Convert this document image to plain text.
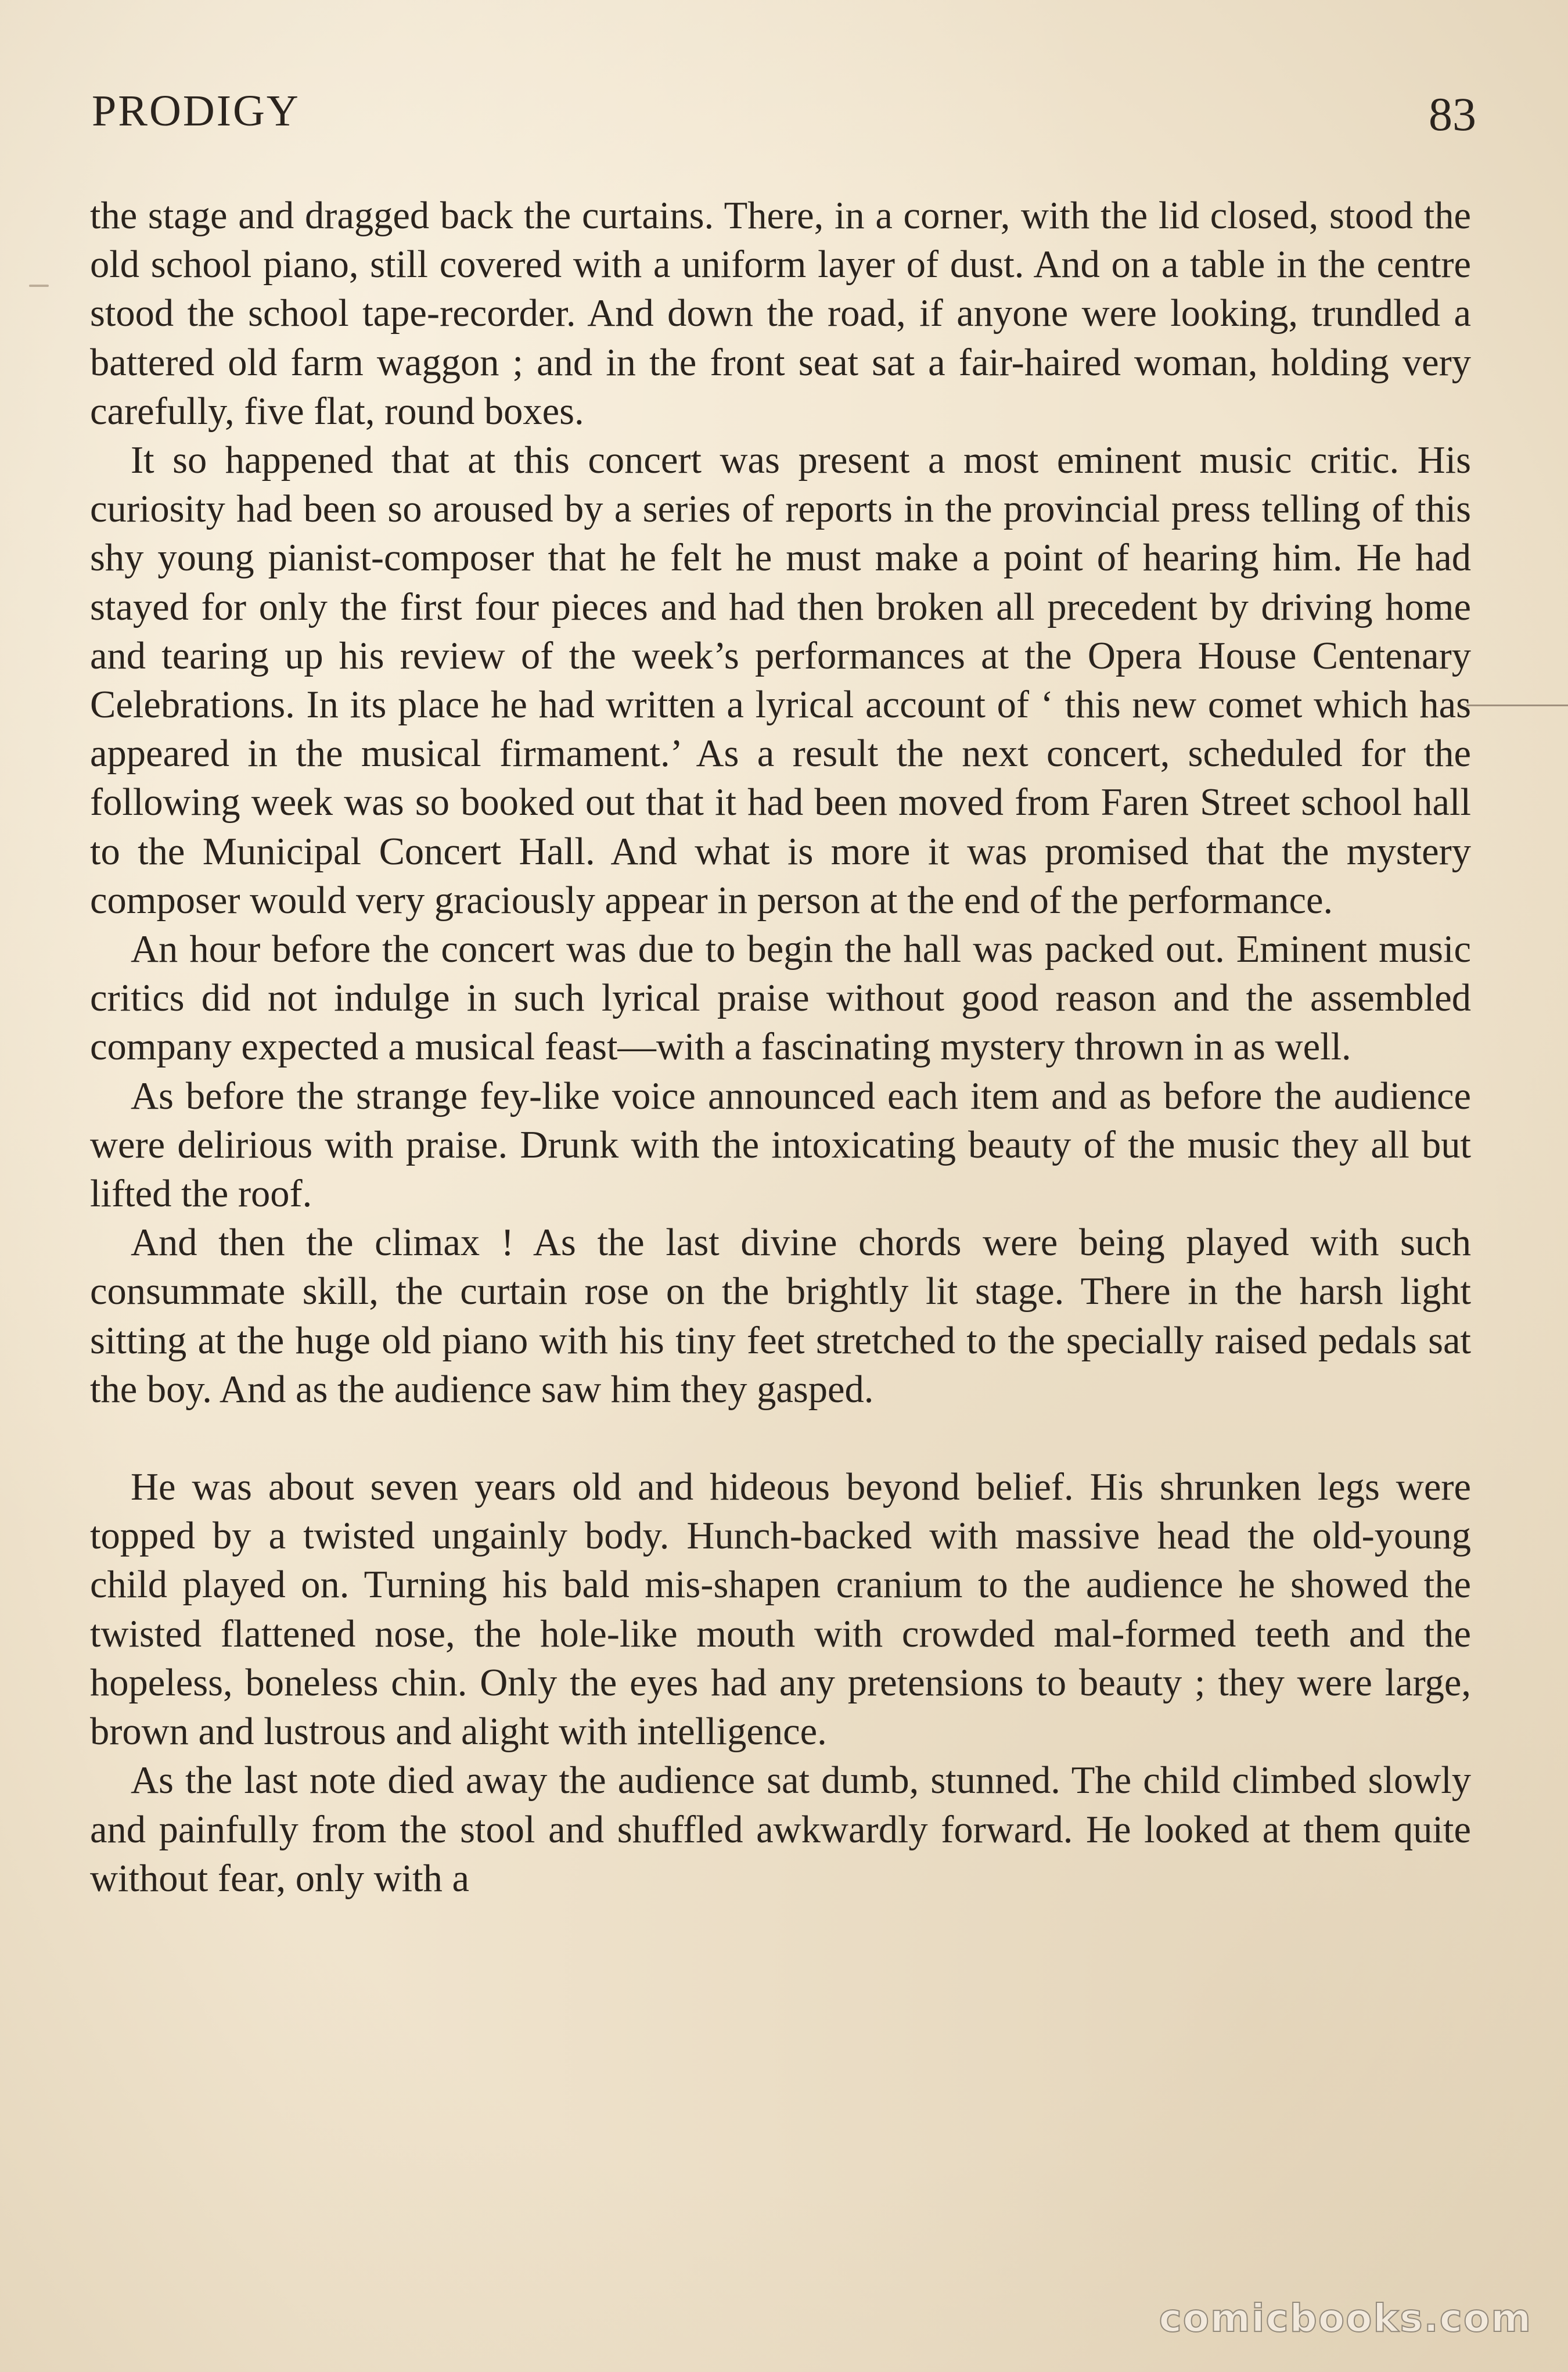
PRODIGY	83

the stage and dragged back the curtains. There, in a corner, with the lid closed, stood the old school piano, still covered with a uniform layer of dust. And on a table in the centre stood the school tape-recorder. And down the road, if anyone were looking, trundled a battered old farm waggon ; and in the front seat sat a fair-haired woman, holding very carefully, five flat, round boxes.

It so happened that at this concert was present a most eminent music critic. His curiosity had been so aroused by a series of reports in the provincial press telling of this shy young pianist-composer that he felt he must make a point of hearing him. He had stayed for only the first four pieces and had then broken all precedent by driving home and tearing up his review of the week’s performances at the Opera House Centenary Celebrations. In its place he had written a lyrical account of ‘ this new comet which has appeared in the musical firmament.’ As a result the next concert, scheduled for the following week was so booked out that it had been moved from Faren Street school hall to the Municipal Concert Hall. And what is more it was promised that the mystery composer would very graciously appear in person at the end of the performance.

An hour before the concert was due to begin the hall was packed out. Eminent music critics did not indulge in such lyrical praise without good reason and the assembled company expected a musical feast—with a fascinating mystery thrown in as well.

As before the strange fey-like voice announced each item and as before the audience were delirious with praise. Drunk with the intoxicating beauty of the music they all but lifted the roof.

And then the climax ! As the last divine chords were being played with such consummate skill, the curtain rose on the brightly lit stage. There in the harsh light sitting at the huge old piano with his tiny feet stretched to the specially raised pedals sat the boy. And as the audience saw him they gasped.

He was about seven years old and hideous beyond belief. His shrunken legs were topped by a twisted ungainly body. Hunch-backed with massive head the old-young child played on. Turning his bald mis-shapen cranium to the audience he showed the twisted flattened nose, the hole-like mouth with crowded mal-formed teeth and the hopeless, boneless chin. Only the eyes had any pretensions to beauty ; they were large, brown and lustrous and alight with intelligence.

As the last note died away the audience sat dumb, stunned. The child climbed slowly and painfully from the stool and shuffled awkwardly forward. He looked at them quite without fear, only with a

comicbooks.com
